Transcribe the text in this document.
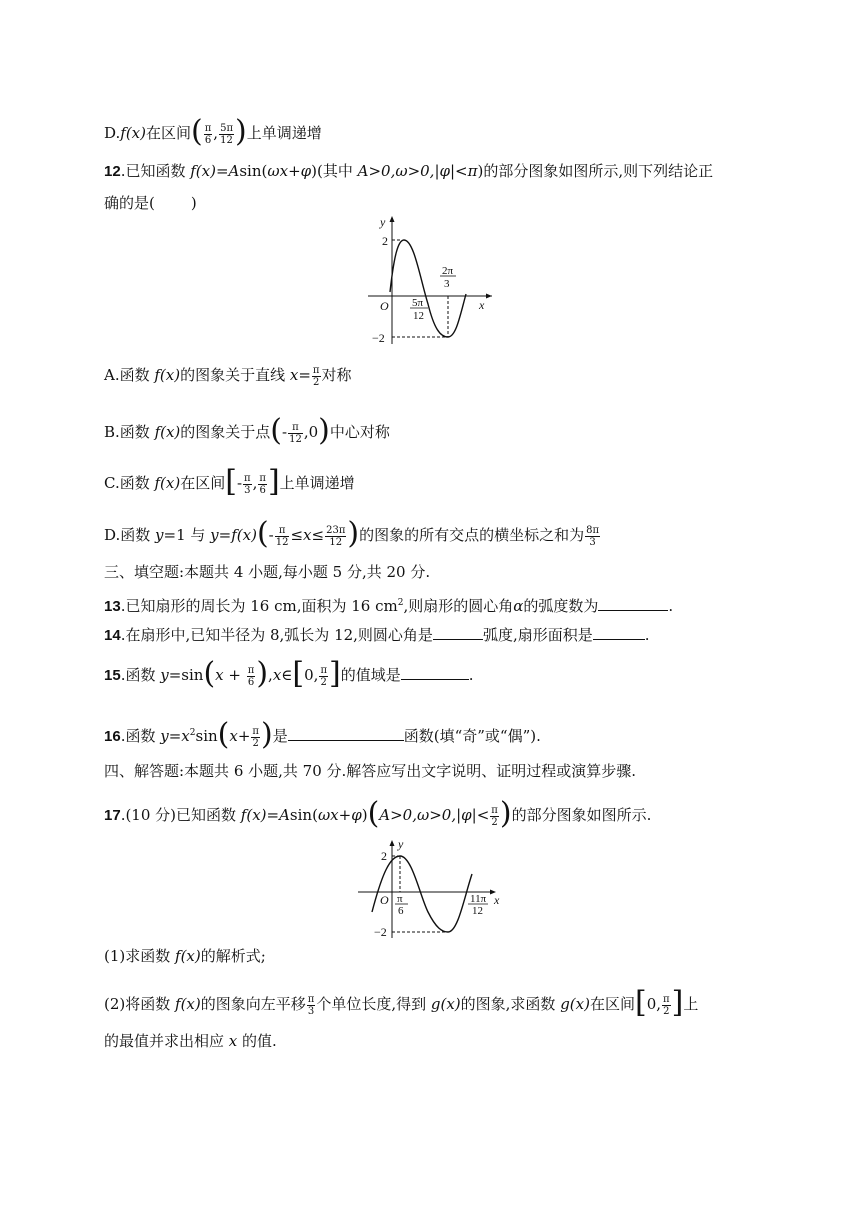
D.f(x)在区间( $\frac{\pi}{6}$ , $\frac{5\pi}{12}$ )上单调递增
12.已知函数 f(x)=Asin(ωx+φ)(其中 A>0,ω>0,|φ|<π)的部分图象如图所示,则下列结论正
确的是( )
y
x
O
2
−2
5π
12
2π
3
A.函数 f(x)的图象关于直线 $x= \frac{\pi}{2}$ 对称
B.函数 f(x)的图象关于点(- $\frac{\pi}{12} ,0$)中心对称
C.函数 f(x)在区间[- $\frac{\pi}{3}$ , $\frac{\pi}{6}$ ]上单调递增
D.函数 y=1 与 $y=f(x)(- \frac{\pi}{12} \le x\le \frac{23\pi}{12}$ )的图象的所有交点的横坐标之和为 $\frac{8\pi}{3}$
三、填空题:本题共 4 小题,每小题 5 分,共 20 分.
13.已知扇形的周长为 16 cm,面积为 16 $cm^2$,则扇形的圆心角α的弧度数为	.
14.在扇形中,已知半径为 8,弧长为 12,则圆心角是	弧度,扇形面积是	.
15.函数 $y=\sin(x + \frac{\pi}{6}$ ),x∈[0, $\frac{\pi}{2}$ ]的值域是	.
16.函数 $y=x^2\sin(x+ \frac{\pi}{2}$ )是	函数(填“奇”或“偶”).
四、解答题:本题共 6 小题,共 70 分.解答应写出文字说明、证明过程或演算步骤.
17.(10 分)已知函数 $f(x)=Asin(\omega x+\varphi)(A>0,\omega>0,|\varphi|< \frac{\pi}{2}$ )的部分图象如图所示.
y
x
O
2
−2
π
6
11π
12
(1)求函数 f(x)的解析式;
(2)将函数 f(x)的图象向左平移 $\frac{\pi}{3}$ 个单位长度,得到 g(x)的图象,求函数 g(x)在区间[0, $\frac{\pi}{2}$ ]上
的最值并求出相应 x 的值.
